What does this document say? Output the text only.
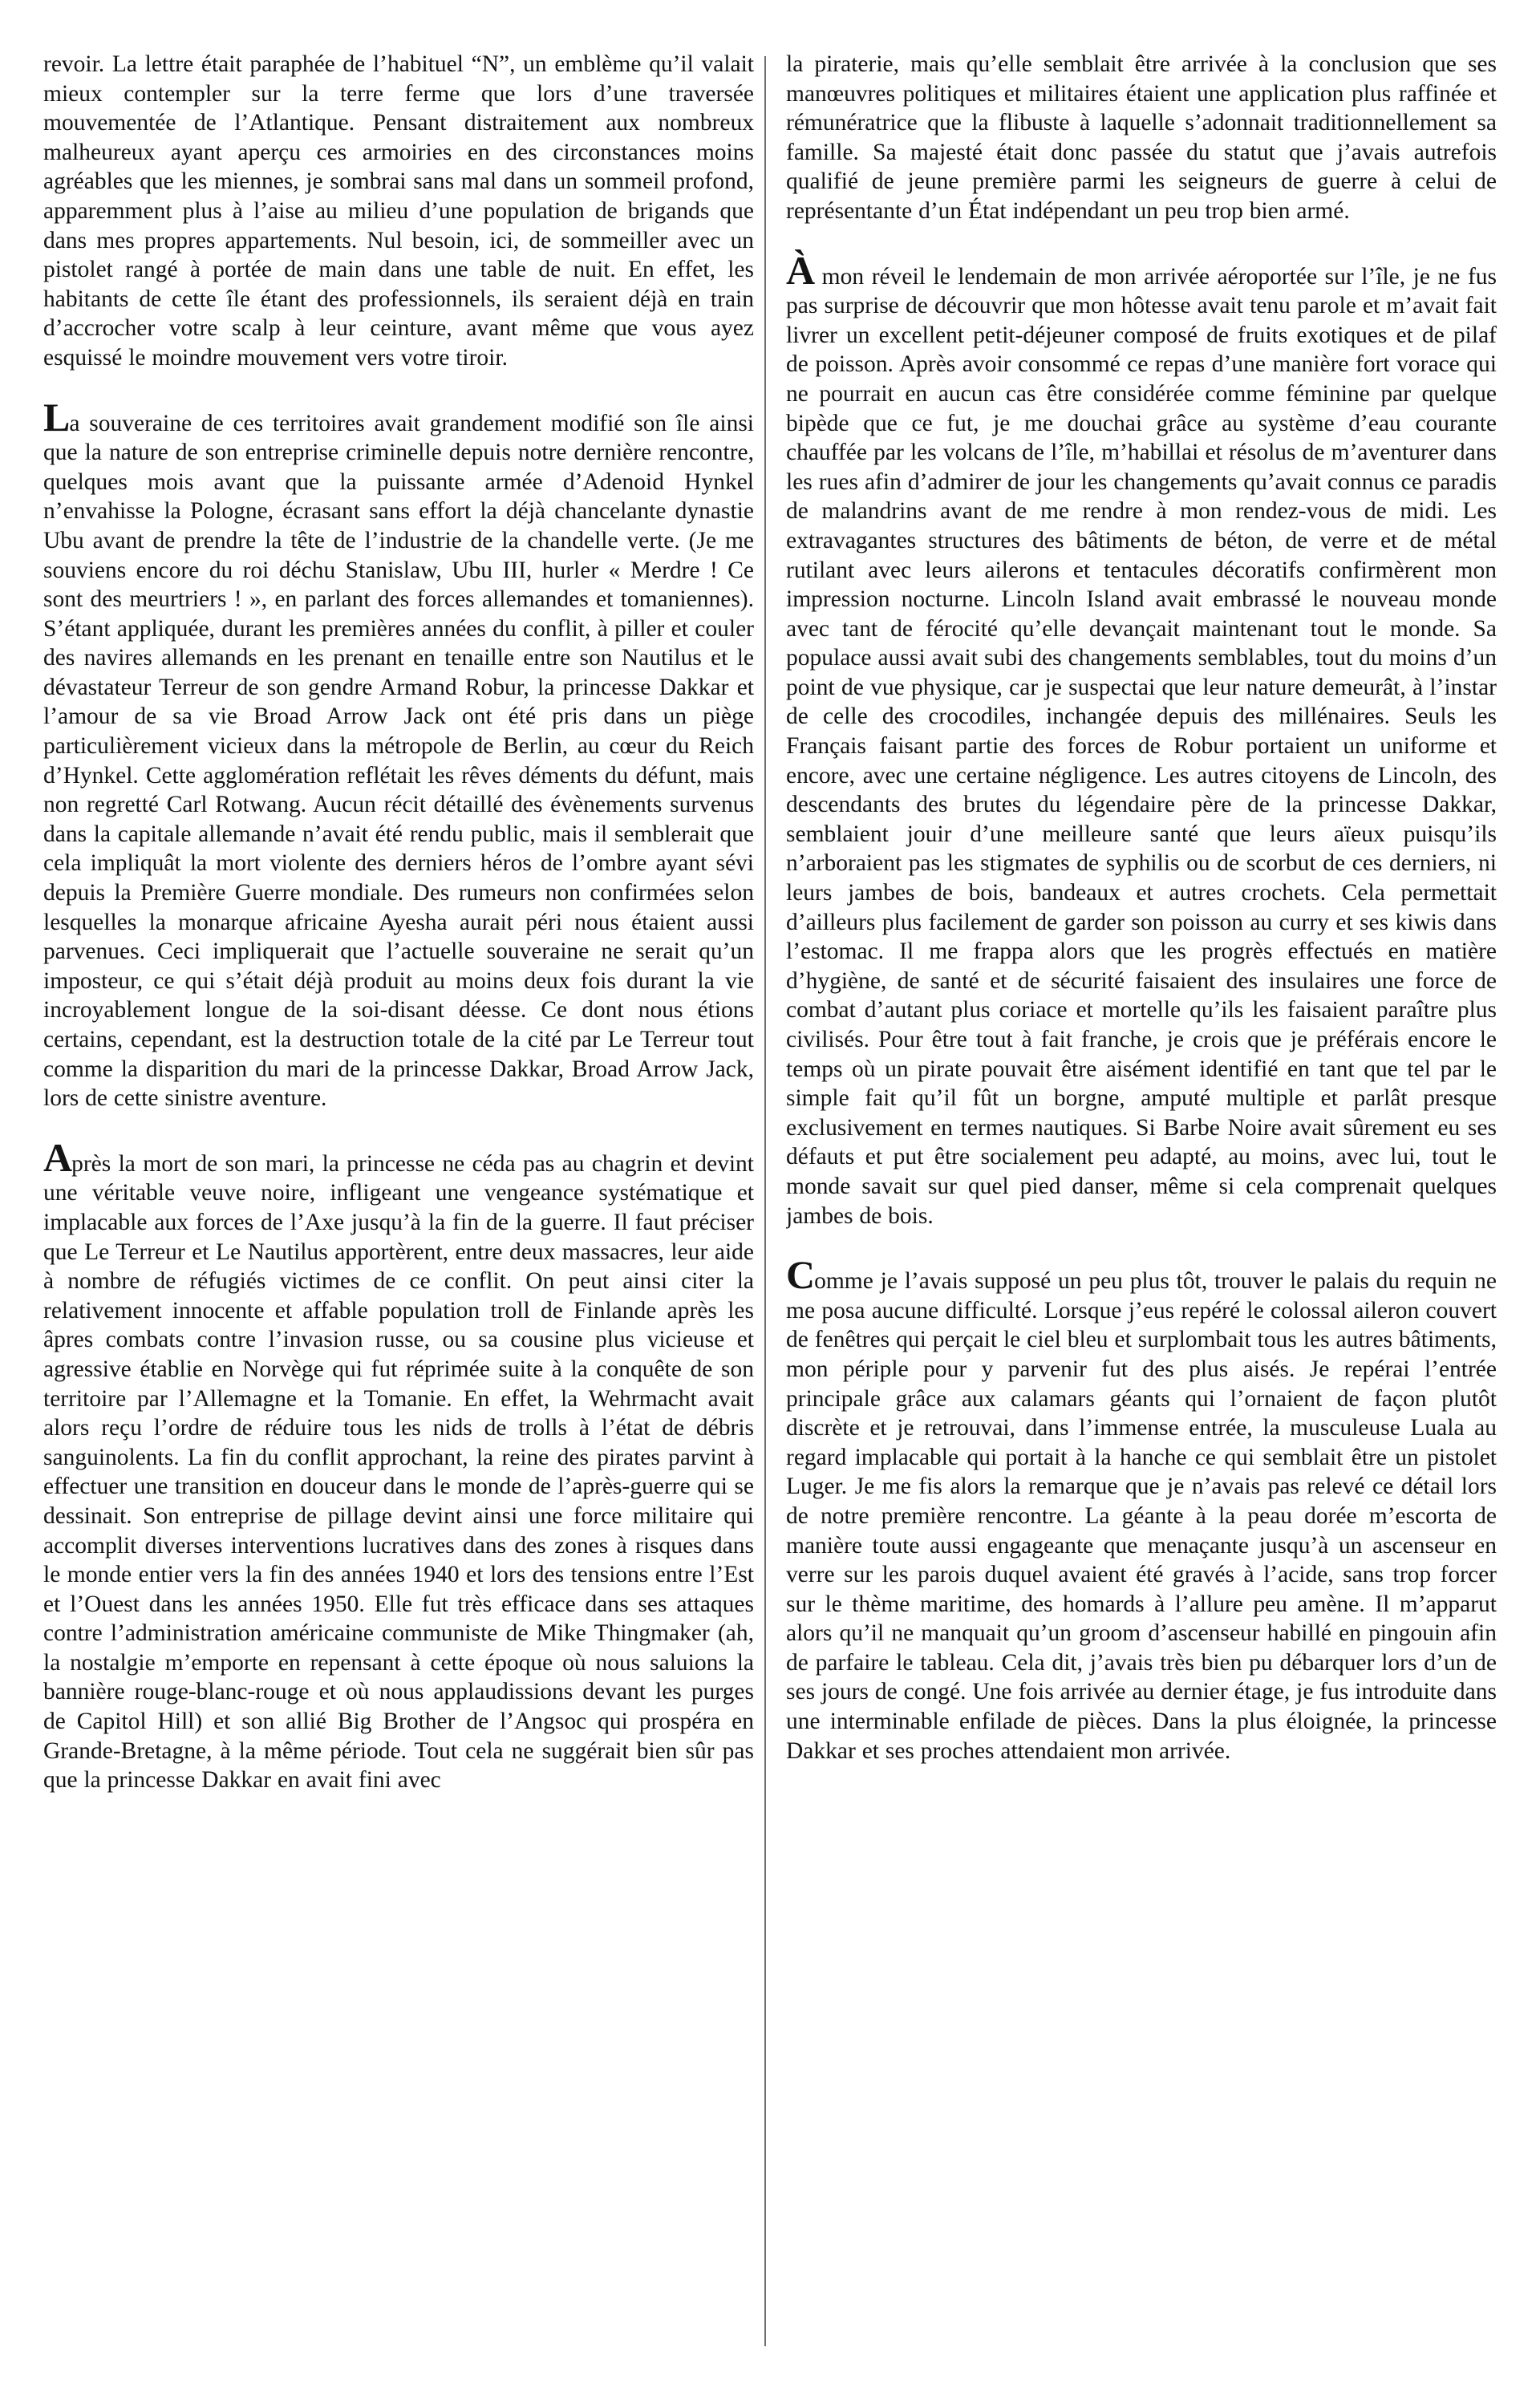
revoir. La lettre était paraphée de l’habituel “N”, un emblème qu’il valait mieux contempler sur la terre ferme que lors d’une traversée mouvementée de l’Atlantique. Pensant distraitement aux nombreux malheureux ayant aperçu ces armoiries en des circonstances moins agréables que les miennes, je sombrai sans mal dans un sommeil profond, apparemment plus à l’aise au milieu d’une population de brigands que dans mes propres appartements. Nul besoin, ici, de sommeiller avec un pistolet rangé à portée de main dans une table de nuit. En effet, les habitants de cette île étant des professionnels, ils seraient déjà en train d’accrocher votre scalp à leur ceinture, avant même que vous ayez esquissé le moindre mouvement vers votre tiroir.

La souveraine de ces territoires avait grandement modifié son île ainsi que la nature de son entreprise criminelle depuis notre dernière rencontre, quelques mois avant que la puissante armée d’Adenoid Hynkel n’envahisse la Pologne, écrasant sans effort la déjà chancelante dynastie Ubu avant de prendre la tête de l’industrie de la chandelle verte. (Je me souviens encore du roi déchu Stanislaw, Ubu III, hurler « Merdre ! Ce sont des meurtriers ! », en parlant des forces allemandes et tomaniennes). S’étant appliquée, durant les premières années du conflit, à piller et couler des navires allemands en les prenant en tenaille entre son Nautilus et le dévastateur Terreur de son gendre Armand Robur, la princesse Dakkar et l’amour de sa vie Broad Arrow Jack ont été pris dans un piège particulièrement vicieux dans la métropole de Berlin, au cœur du Reich d’Hynkel. Cette agglomération reflétait les rêves déments du défunt, mais non regretté Carl Rotwang. Aucun récit détaillé des évènements survenus dans la capitale allemande n’avait été rendu public, mais il semblerait que cela impliquât la mort violente des derniers héros de l’ombre ayant sévi depuis la Première Guerre mondiale. Des rumeurs non confirmées selon lesquelles la monarque africaine Ayesha aurait péri nous étaient aussi parvenues. Ceci impliquerait que l’actuelle souveraine ne serait qu’un imposteur, ce qui s’était déjà produit au moins deux fois durant la vie incroyablement longue de la soi-disant déesse. Ce dont nous étions certains, cependant, est la destruction totale de la cité par Le Terreur tout comme la disparition du mari de la princesse Dakkar, Broad Arrow Jack, lors de cette sinistre aventure.

Après la mort de son mari, la princesse ne céda pas au chagrin et devint une véritable veuve noire, infligeant une vengeance systématique et implacable aux forces de l’Axe jusqu’à la fin de la guerre. Il faut préciser que Le Terreur et Le Nautilus apportèrent, entre deux massacres, leur aide à nombre de réfugiés victimes de ce conflit. On peut ainsi citer la relativement innocente et affable population troll de Finlande après les âpres combats contre l’invasion russe, ou sa cousine plus vicieuse et agressive établie en Norvège qui fut réprimée suite à la conquête de son territoire par l’Allemagne et la Tomanie. En effet, la Wehrmacht avait alors reçu l’ordre de réduire tous les nids de trolls à l’état de débris sanguinolents. La fin du conflit approchant, la reine des pirates parvint à effectuer une transition en douceur dans le monde de l’après-guerre qui se dessinait. Son entreprise de pillage devint ainsi une force militaire qui accomplit diverses interventions lucratives dans des zones à risques dans le monde entier vers la fin des années 1940 et lors des tensions entre l’Est et l’Ouest dans les années 1950. Elle fut très efficace dans ses attaques contre l’administration américaine communiste de Mike Thingmaker (ah, la nostalgie m’emporte en repensant à cette époque où nous saluions la bannière rouge-blanc-rouge et où nous applaudissions devant les purges de Capitol Hill) et son allié Big Brother de l’Angsoc qui prospéra en Grande-Bretagne, à la même période. Tout cela ne suggérait bien sûr pas que la princesse Dakkar en avait fini avec

la piraterie, mais qu’elle semblait être arrivée à la conclusion que ses manœuvres politiques et militaires étaient une application plus raffinée et rémunératrice que la flibuste à laquelle s’adonnait traditionnellement sa famille. Sa majesté était donc passée du statut que j’avais autrefois qualifié de jeune première parmi les seigneurs de guerre à celui de représentante d’un État indépendant un peu trop bien armé.

À mon réveil le lendemain de mon arrivée aéroportée sur l’île, je ne fus pas surprise de découvrir que mon hôtesse avait tenu parole et m’avait fait livrer un excellent petit-déjeuner composé de fruits exotiques et de pilaf de poisson. Après avoir consommé ce repas d’une manière fort vorace qui ne pourrait en aucun cas être considérée comme féminine par quelque bipède que ce fut, je me douchai grâce au système d’eau courante chauffée par les volcans de l’île, m’habillai et résolus de m’aventurer dans les rues afin d’admirer de jour les changements qu’avait connus ce paradis de malandrins avant de me rendre à mon rendez-vous de midi. Les extravagantes structures des bâtiments de béton, de verre et de métal rutilant avec leurs ailerons et tentacules décoratifs confirmèrent mon impression nocturne. Lincoln Island avait embrassé le nouveau monde avec tant de férocité qu’elle devançait maintenant tout le monde. Sa populace aussi avait subi des changements semblables, tout du moins d’un point de vue physique, car je suspectai que leur nature demeurât, à l’instar de celle des crocodiles, inchangée depuis des millénaires. Seuls les Français faisant partie des forces de Robur portaient un uniforme et encore, avec une certaine négligence. Les autres citoyens de Lincoln, des descendants des brutes du légendaire père de la princesse Dakkar, semblaient jouir d’une meilleure santé que leurs aïeux puisqu’ils n’arboraient pas les stigmates de syphilis ou de scorbut de ces derniers, ni leurs jambes de bois, bandeaux et autres crochets. Cela permettait d’ailleurs plus facilement de garder son poisson au curry et ses kiwis dans l’estomac. Il me frappa alors que les progrès effectués en matière d’hygiène, de santé et de sécurité faisaient des insulaires une force de combat d’autant plus coriace et mortelle qu’ils les faisaient paraître plus civilisés. Pour être tout à fait franche, je crois que je préférais encore le temps où un pirate pouvait être aisément identifié en tant que tel par le simple fait qu’il fût un borgne, amputé multiple et parlât presque exclusivement en termes nautiques. Si Barbe Noire avait sûrement eu ses défauts et put être socialement peu adapté, au moins, avec lui, tout le monde savait sur quel pied danser, même si cela comprenait quelques jambes de bois.

Comme je l’avais supposé un peu plus tôt, trouver le palais du requin ne me posa aucune difficulté. Lorsque j’eus repéré le colossal aileron couvert de fenêtres qui perçait le ciel bleu et surplombait tous les autres bâtiments, mon périple pour y parvenir fut des plus aisés. Je repérai l’entrée principale grâce aux calamars géants qui l’ornaient de façon plutôt discrète et je retrouvai, dans l’immense entrée, la musculeuse Luala au regard implacable qui portait à la hanche ce qui semblait être un pistolet Luger. Je me fis alors la remarque que je n’avais pas relevé ce détail lors de notre première rencontre. La géante à la peau dorée m’escorta de manière toute aussi engageante que menaçante jusqu’à un ascenseur en verre sur les parois duquel avaient été gravés à l’acide, sans trop forcer sur le thème maritime, des homards à l’allure peu amène. Il m’apparut alors qu’il ne manquait qu’un groom d’ascenseur habillé en pingouin afin de parfaire le tableau. Cela dit, j’avais très bien pu débarquer lors d’un de ses jours de congé. Une fois arrivée au dernier étage, je fus introduite dans une interminable enfilade de pièces. Dans la plus éloignée, la princesse Dakkar et ses proches attendaient mon arrivée.
